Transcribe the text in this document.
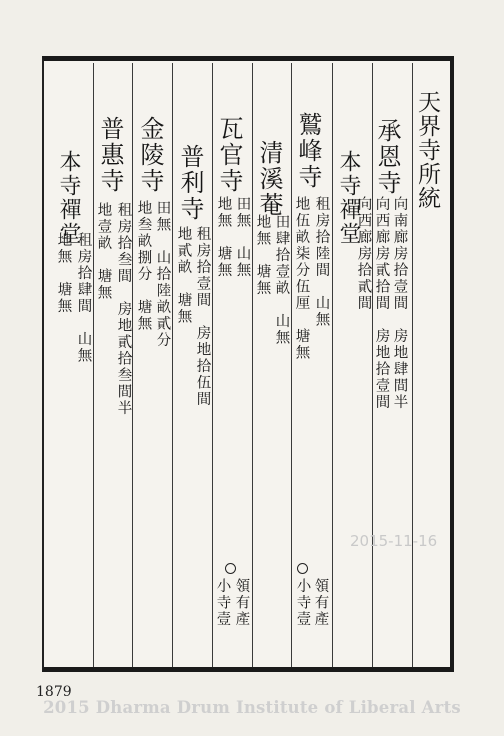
天界寺所統
承恩寺
向南廊房拾壹間　房地肆間半
向西廊房貳拾間　房地拾壹間
本寺禪堂
向西廊房拾貳間
鷲峰寺
租房拾陸間　山無
地伍畝柒分伍厘　塘無
領有產
小寺壹
清溪菴
田肆拾壹畝　山無
地無　塘無
瓦官寺
田無　山無
地無　塘無
領有產
小寺壹
普利寺
租房拾壹間　房地拾伍間
地貳畝　塘無
金陵寺
田無　山拾陸畝貳分
地叁畝捌分　塘無
普惠寺
租房拾叁間　房地貳拾叁間半
地壹畝　塘無
本寺禪堂
租房拾肆間　山無
地無　塘無
2015-11-16
1879
2015 Dharma Drum Institute of Liberal Arts
